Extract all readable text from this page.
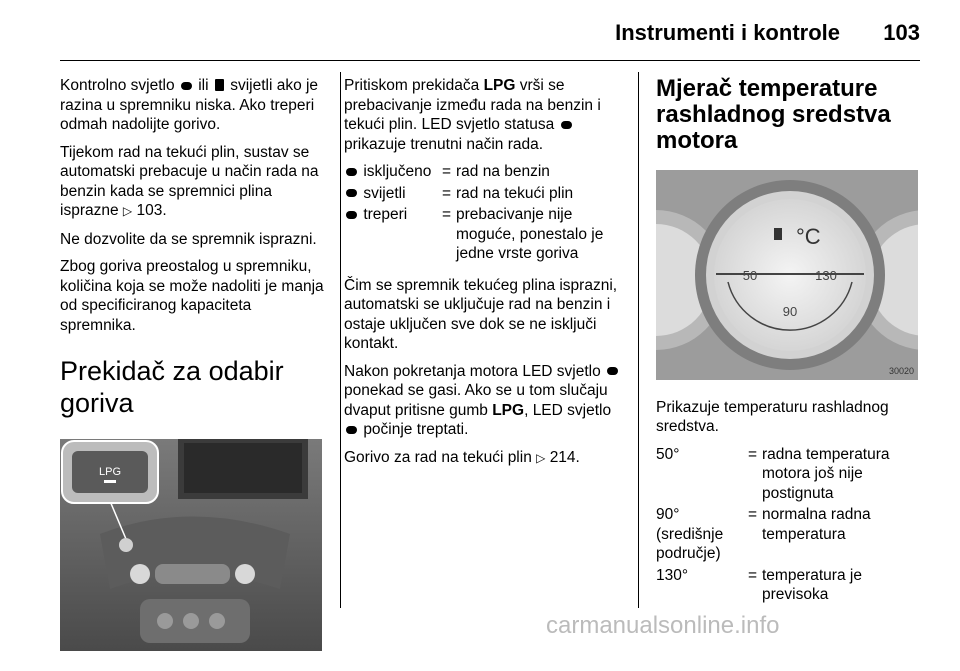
Instrumenti i kontrole 103

Kontrolno svjetlo ili svijetli ako je razina u spremniku niska. Ako treperi odmah nadolijte gorivo.

Tijekom rad na tekući plin, sustav se automatski prebacuje u način rada na benzin kada se spremnici plina isprazne ▷ 103.

Ne dozvolite da se spremnik isprazni.

Zbog goriva preostalog u spremniku, količina koja se može nadoliti je manja od specificiranog kapaciteta spremnika.

Prekidač za odabir goriva
LPG

Pritiskom prekidača LPG vrši se prebacivanje između rada na benzin i tekući plin. LED svjetlo statusa  prikazuje trenutni način rada.

isključeno	=	rad na benzin
svijetli	=	rad na tekući plin
treperi	=	prebacivanje nije moguće, ponestalo je jedne vrste goriva

Čim se spremnik tekućeg plina isprazni, automatski se uključuje rad na benzin i ostaje uključen sve dok se ne isključi kontakt.

Nakon pokretanja motora LED svjetlo  ponekad se gasi. Ako se u tom slučaju dvaput pritisne gumb LPG, LED svjetlo  počinje treptati.

Gorivo za rad na tekući plin ▷ 214.

Mjerač temperature rashladnog sredstva motora
°C
50	130
90
30020

Prikazuje temperaturu rashladnog sredstva.

50°	=	radna temperatura motora još nije postignuta
90° (središnje područje)	=	normalna radna temperatura
130°	=	temperatura je previsoka
carmanualsonline.info
